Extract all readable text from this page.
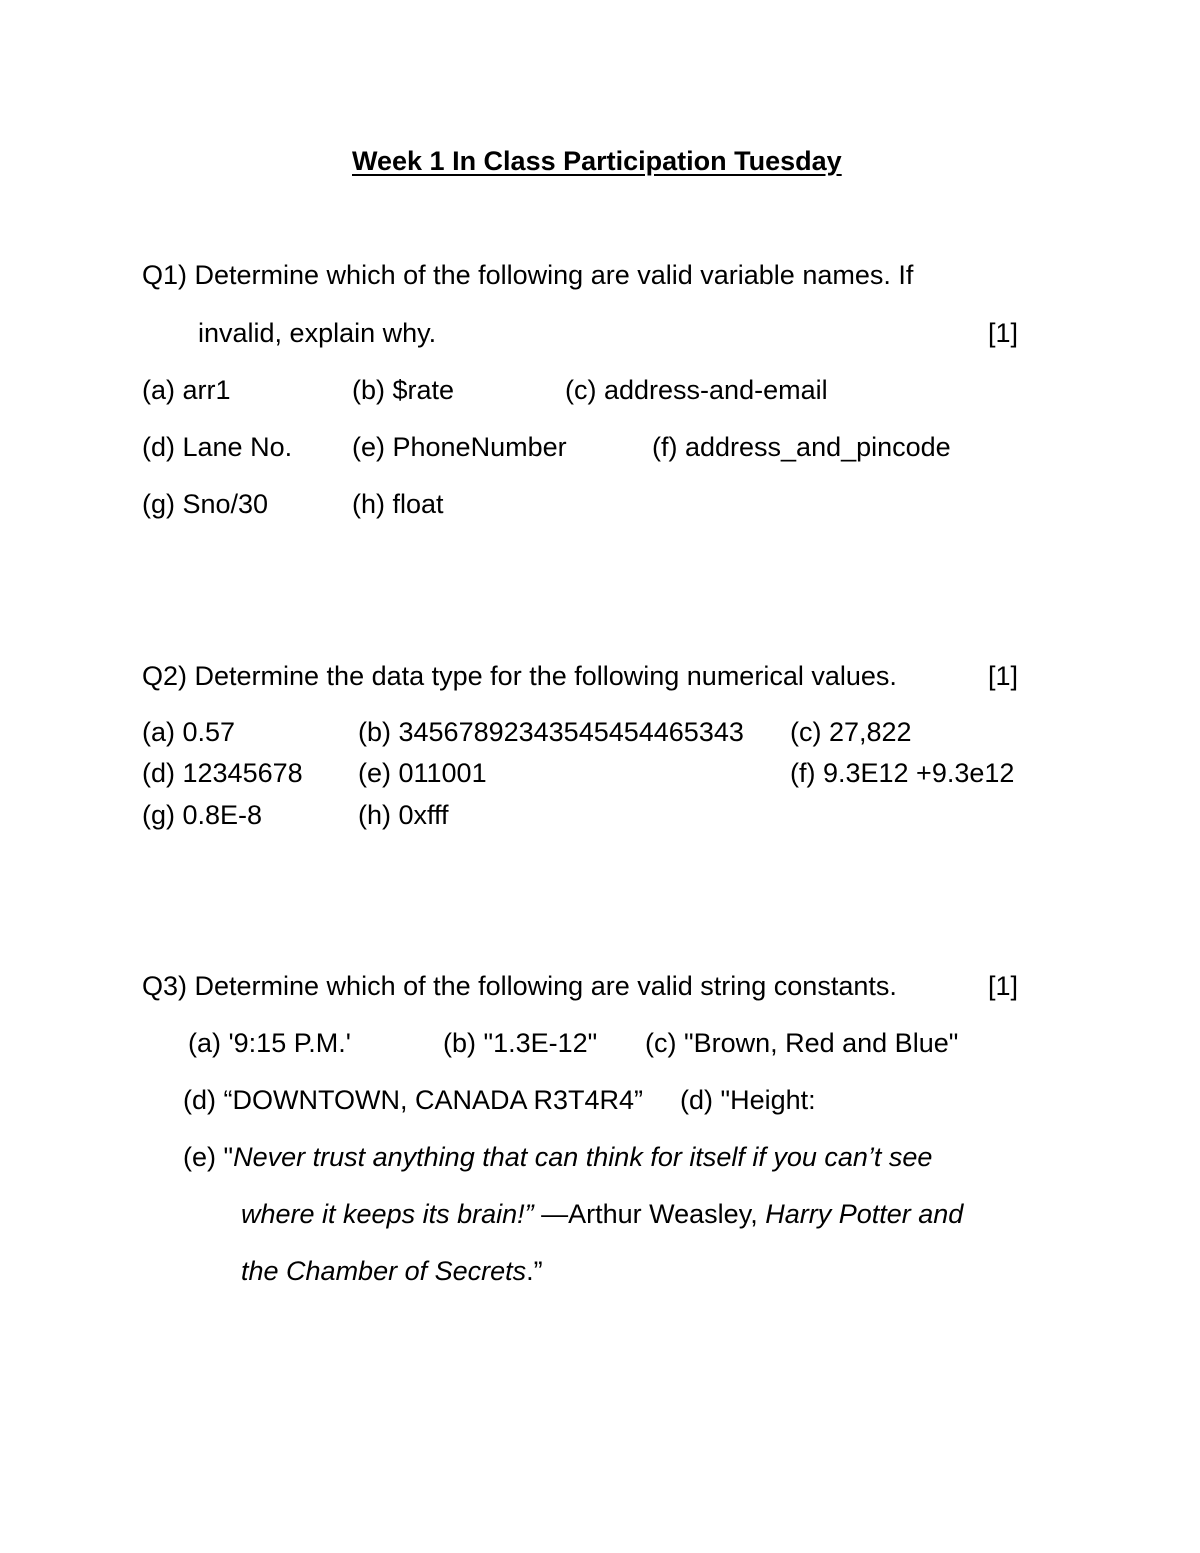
Week 1 In Class Participation Tuesday
Q1) Determine which of the following are valid variable names. If
invalid, explain why.	[1]
(a) arr1	(b) $rate	(c) address-and-email
(d) Lane No. (e) PhoneNumber	(f) address_and_pincode
(g) Sno/30	(h) float
Q2) Determine the data type for the following numerical values.	[1]
(a) 0.57	(b) 34567892343545454465343 (c) 27,822
(d) 12345678 (e) 011001	(f) 9.3E12 +9.3e12
(g) 0.8E-8	(h) 0xfff
Q3) Determine which of the following are valid string constants.	[1]
(a) '9:15 P.M.'	(b) "1.3E-12" (c) "Brown, Red and Blue"
(d) “DOWNTOWN, CANADA R3T4R4” (d) "Height:
(e) "Never trust anything that can think for itself if you can’t see
where it keeps its brain!” —Arthur Weasley, Harry Potter and
the Chamber of Secrets.”
